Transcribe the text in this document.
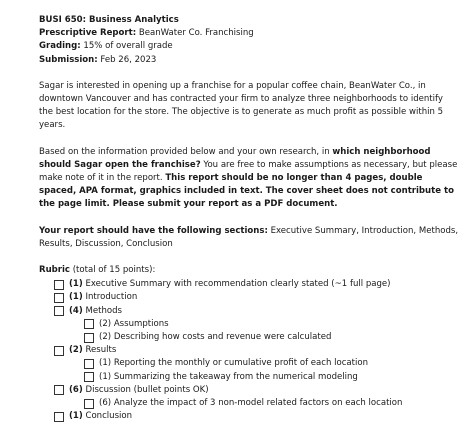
BUSI 650: Business Analytics
Prescriptive Report: BeanWater Co. Franchising
Grading: 15% of overall grade
Submission: Feb 26, 2023

Sagar is interested in opening up a franchise for a popular coffee chain, BeanWater Co., in downtown Vancouver and has contracted your firm to analyze three neighborhoods to identify the best location for the store. The objective is to generate as much profit as possible within 5 years.

Based on the information provided below and your own research, in which neighborhood should Sagar open the franchise? You are free to make assumptions as necessary, but please make note of it in the report. This report should be no longer than 4 pages, double spaced, APA format, graphics included in text. The cover sheet does not contribute to the page limit. Please submit your report as a PDF document.

Your report should have the following sections: Executive Summary, Introduction, Methods, Results, Discussion, Conclusion

Rubric (total of 15 points):

(1) Executive Summary with recommendation clearly stated (~1 full page)
(1) Introduction
(4) Methods
(2) Assumptions
(2) Describing how costs and revenue were calculated
(2) Results
(1) Reporting the monthly or cumulative profit of each location
(1) Summarizing the takeaway from the numerical modeling
(6) Discussion (bullet points OK)
(6) Analyze the impact of 3 non-model related factors on each location
(1) Conclusion
